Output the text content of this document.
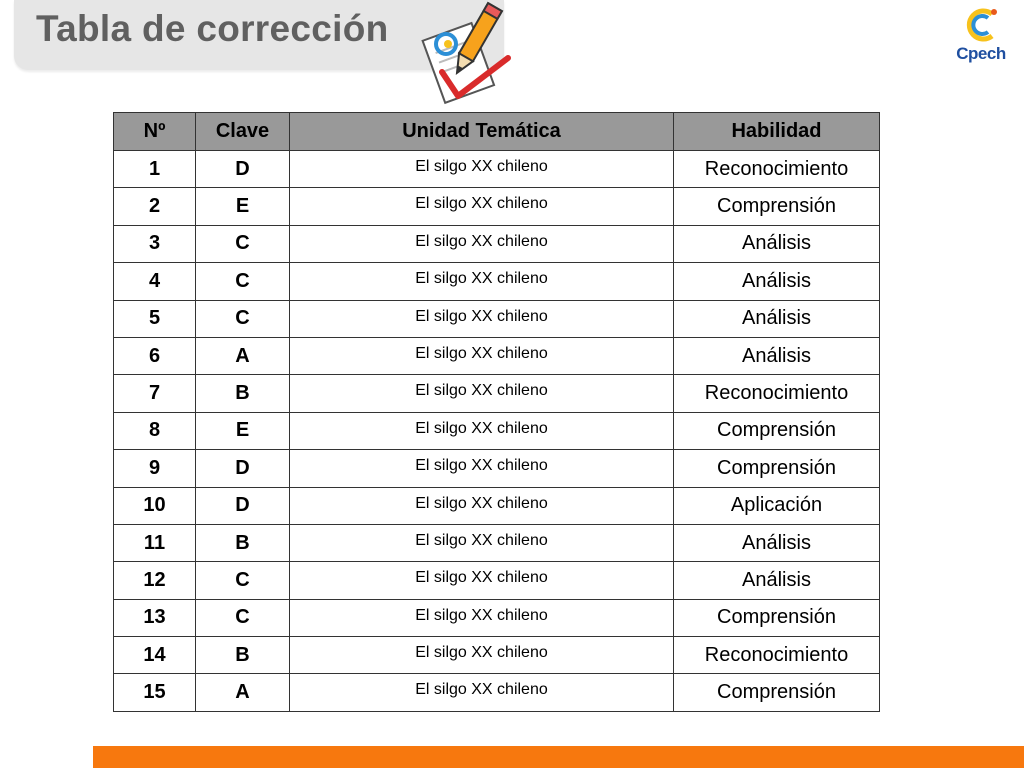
Tabla de corrección
Cpech
Nº	Clave	Unidad Temática	Habilidad
1	D	El silgo XX chileno	Reconocimiento
2	E	El silgo XX chileno	Comprensión
3	C	El silgo XX chileno	Análisis
4	C	El silgo XX chileno	Análisis
5	C	El silgo XX chileno	Análisis
6	A	El silgo XX chileno	Análisis
7	B	El silgo XX chileno	Reconocimiento
8	E	El silgo XX chileno	Comprensión
9	D	El silgo XX chileno	Comprensión
10	D	El silgo XX chileno	Aplicación
11	B	El silgo XX chileno	Análisis
12	C	El silgo XX chileno	Análisis
13	C	El silgo XX chileno	Comprensión
14	B	El silgo XX chileno	Reconocimiento
15	A	El silgo XX chileno	Comprensión
